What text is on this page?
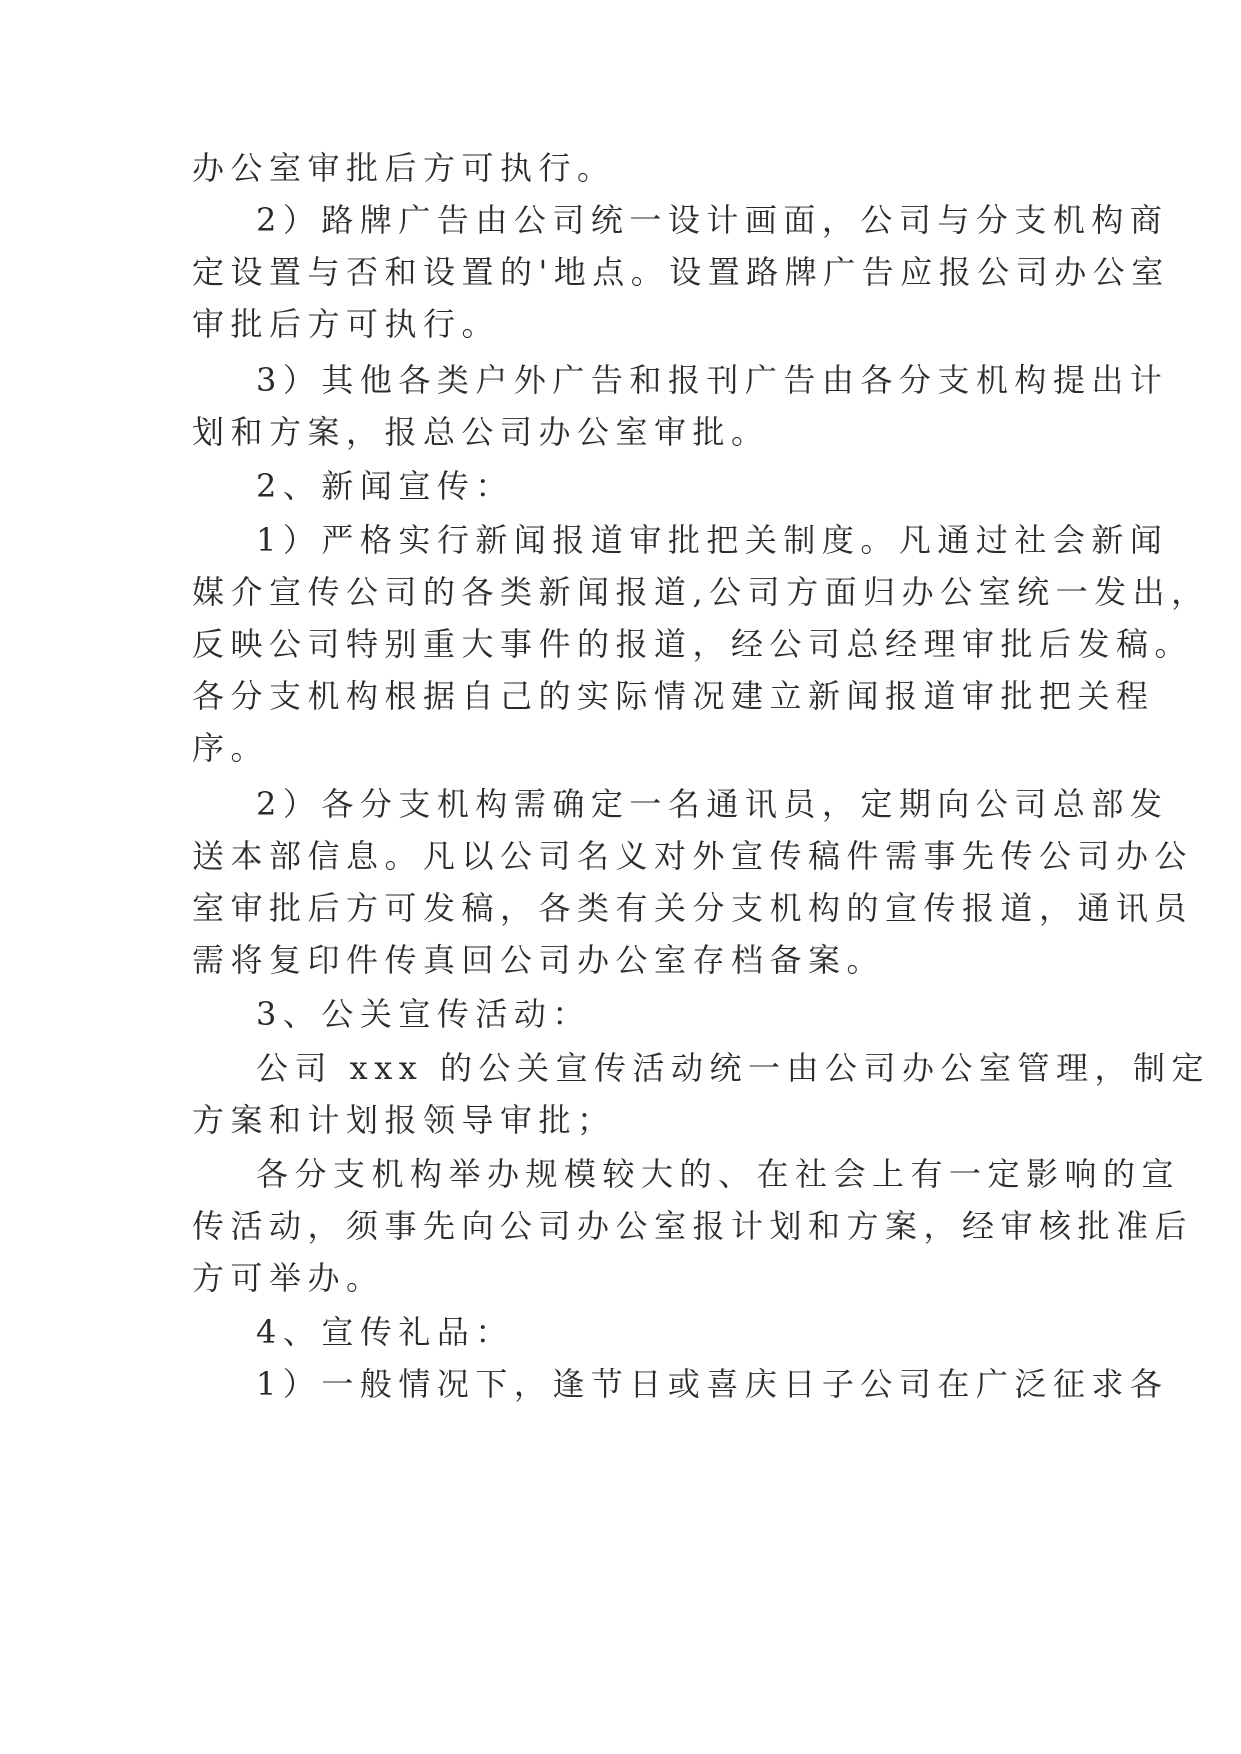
办公室审批后方可执行。
2）路牌广告由公司统一设计画面，公司与分支机构商
定设置与否和设置的'地点。设置路牌广告应报公司办公室
审批后方可执行。
3）其他各类户外广告和报刊广告由各分支机构提出计
划和方案，报总公司办公室审批。
2、新闻宣传：
1）严格实行新闻报道审批把关制度。凡通过社会新闻
媒介宣传公司的各类新闻报道,公司方面归办公室统一发出，
反映公司特别重大事件的报道，经公司总经理审批后发稿。
各分支机构根据自己的实际情况建立新闻报道审批把关程
序。
2）各分支机构需确定一名通讯员，定期向公司总部发
送本部信息。凡以公司名义对外宣传稿件需事先传公司办公
室审批后方可发稿，各类有关分支机构的宣传报道，通讯员
需将复印件传真回公司办公室存档备案。
3、公关宣传活动：
公司 xxx 的公关宣传活动统一由公司办公室管理，制定
方案和计划报领导审批；
各分支机构举办规模较大的、在社会上有一定影响的宣
传活动，须事先向公司办公室报计划和方案，经审核批准后
方可举办。
4、宣传礼品：
1）一般情况下，逢节日或喜庆日子公司在广泛征求各
